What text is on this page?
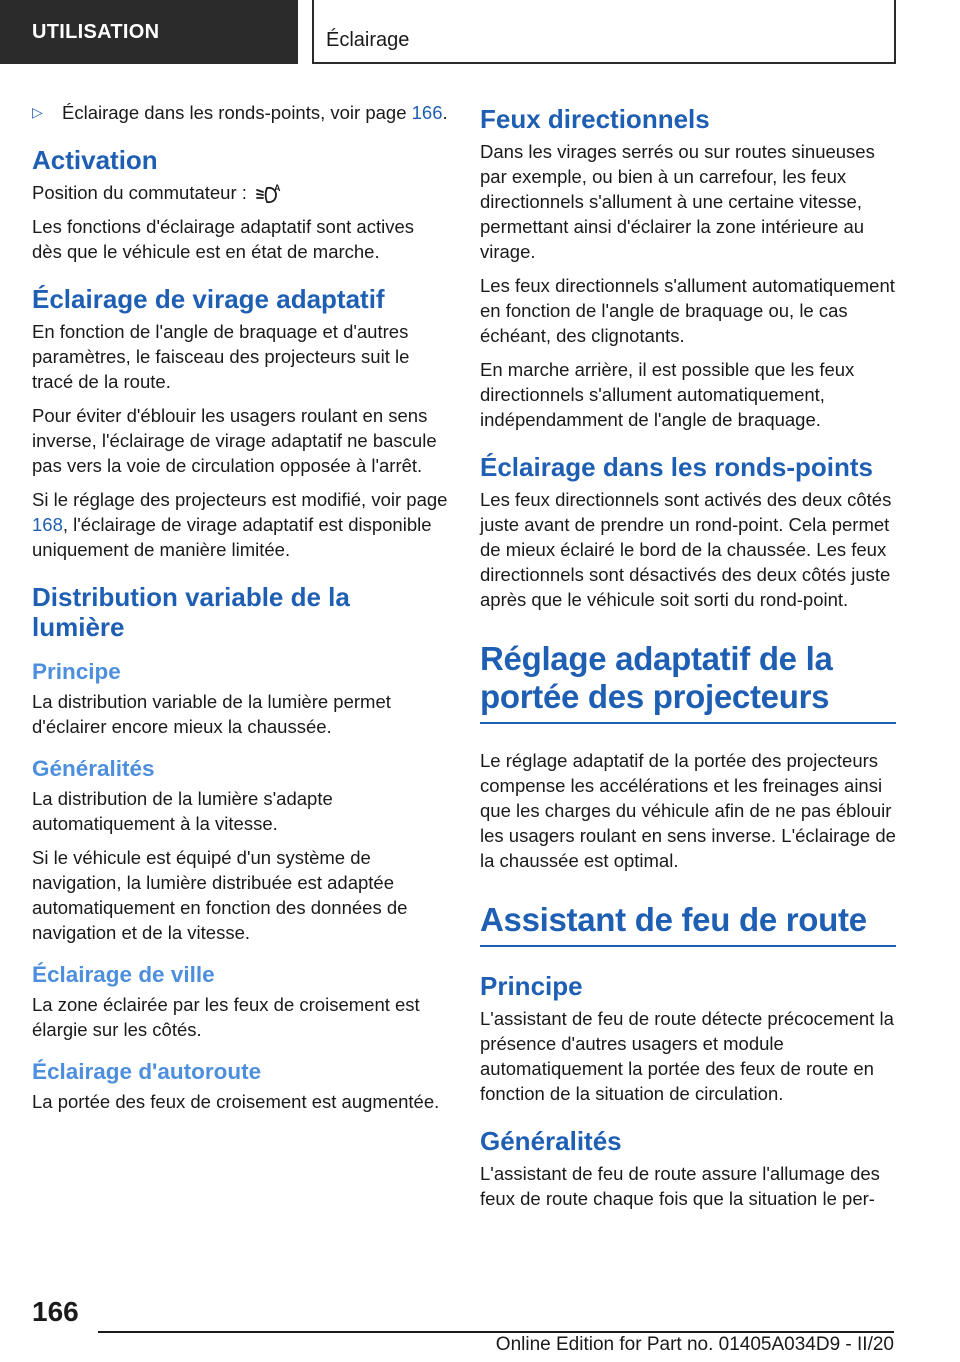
UTILISATION	Éclairage
▷	Éclairage dans les ronds-points, voir page 166.

Activation

Position du commutateur :	A

Les fonctions d'éclairage adaptatif sont actives dès que le véhicule est en état de marche.

Éclairage de virage adaptatif

En fonction de l'angle de braquage et d'autres paramètres, le faisceau des projecteurs suit le tracé de la route.

Pour éviter d'éblouir les usagers roulant en sens inverse, l'éclairage de virage adaptatif ne bascule pas vers la voie de circulation opposée à l'arrêt.

Si le réglage des projecteurs est modifié, voir page 168, l'éclairage de virage adaptatif est disponible uniquement de manière limitée.

Distribution variable de la lumière
Principe

La distribution variable de la lumière permet d'éclairer encore mieux la chaussée.

Généralités

La distribution de la lumière s'adapte automatiquement à la vitesse.

Si le véhicule est équipé d'un système de navigation, la lumière distribuée est adaptée automatiquement en fonction des données de navigation et de la vitesse.

Éclairage de ville

La zone éclairée par les feux de croisement est élargie sur les côtés.

Éclairage d'autoroute

La portée des feux de croisement est augmentée.

Feux directionnels

Dans les virages serrés ou sur routes sinueuses par exemple, ou bien à un carrefour, les feux directionnels s'allument à une certaine vitesse, permettant ainsi d'éclairer la zone intérieure au virage.

Les feux directionnels s'allument automatiquement en fonction de l'angle de braquage ou, le cas échéant, des clignotants.

En marche arrière, il est possible que les feux directionnels s'allument automatiquement, indépendamment de l'angle de braquage.

Éclairage dans les ronds-points

Les feux directionnels sont activés des deux côtés juste avant de prendre un rond-point. Cela permet de mieux éclairé le bord de la chaussée. Les feux directionnels sont désactivés des deux côtés juste après que le véhicule soit sorti du rond-point.

Réglage adaptatif de la portée des projecteurs

Le réglage adaptatif de la portée des projecteurs compense les accélérations et les freinages ainsi que les charges du véhicule afin de ne pas éblouir les usagers roulant en sens inverse. L'éclairage de la chaussée est optimal.

Assistant de feu de route
Principe

L'assistant de feu de route détecte précocement la présence d'autres usagers et module automatiquement la portée des feux de route en fonction de la situation de circulation.

Généralités

L'assistant de feu de route assure l'allumage des feux de route chaque fois que la situation le per-

166
Online Edition for Part no. 01405A034D9 - II/20
